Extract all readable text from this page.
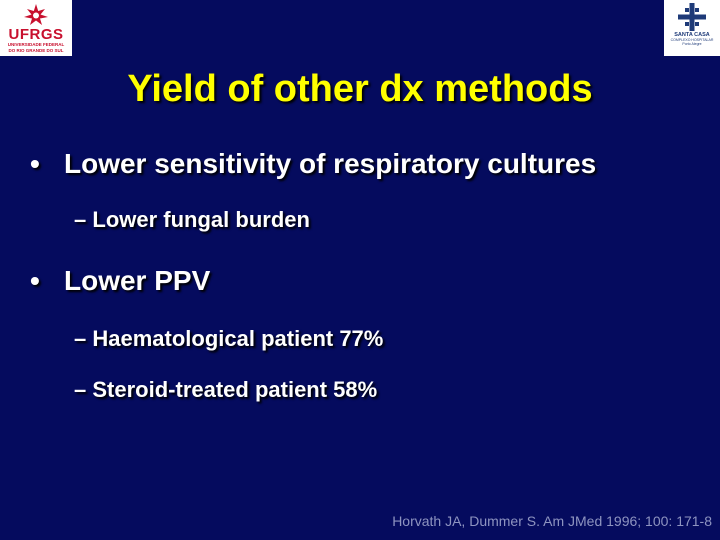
UFRGS
UNIVERSIDADE FEDERAL
DO RIO GRANDE DO SUL
SANTA CASA
COMPLEXO HOSPITALAR
Porto Alegre
Yield of other dx methods
• Lower sensitivity of respiratory cultures
– Lower fungal burden
• Lower PPV
– Haematological patient 77%
– Steroid-treated patient 58%
Horvath JA, Dummer S. Am JMed 1996; 100: 171-8
